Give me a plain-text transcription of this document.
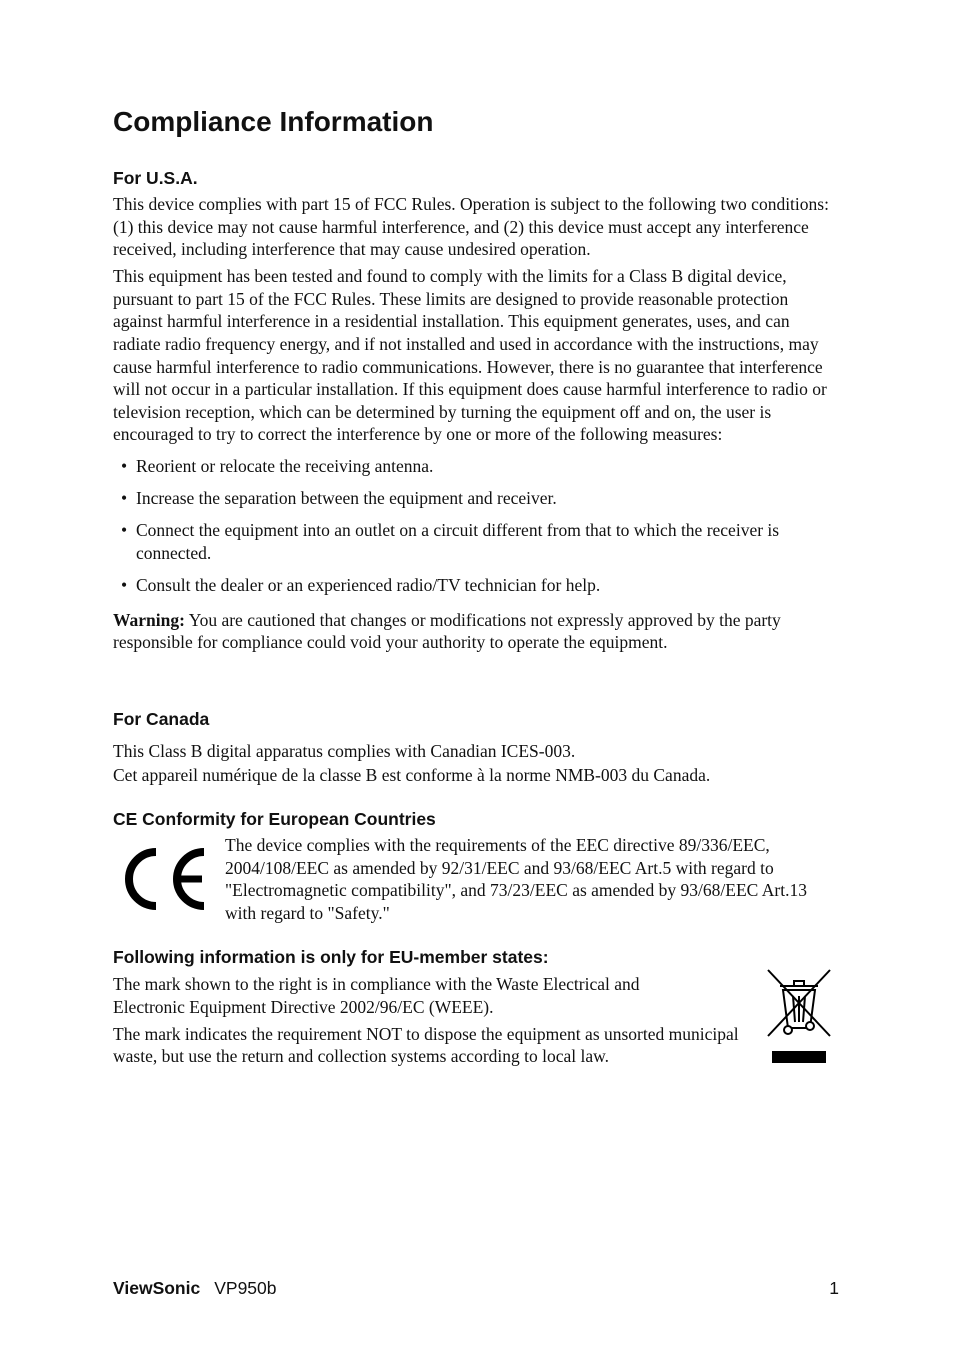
Compliance Information
For U.S.A.

This device complies with part 15 of FCC Rules. Operation is subject to the following two conditions: (1) this device may not cause harmful interference, and (2) this device must accept any interference received, including interference that may cause undesired operation.

This equipment has been tested and found to comply with the limits for a Class B digital device, pursuant to part 15 of the FCC Rules. These limits are designed to provide reasonable protection against harmful interference in a residential installation. This equipment generates, uses, and can radiate radio frequency energy, and if not installed and used in accordance with the instructions, may cause harmful interference to radio communications. However, there is no guarantee that interference will not occur in a particular installation. If this equipment does cause harmful interference to radio or television reception, which can be determined by turning the equipment off and on, the user is encouraged to try to correct the interference by one or more of the following measures:

• Reorient or relocate the receiving antenna.
• Increase the separation between the equipment and receiver.
• Connect the equipment into an outlet on a circuit different from that to which the receiver is connected.
• Consult the dealer or an experienced radio/TV technician for help.

Warning: You are cautioned that changes or modifications not expressly approved by the party responsible for compliance could void your authority to operate the equipment.

For Canada

This Class B digital apparatus complies with Canadian ICES-003.

Cet appareil numérique de la classe B est conforme à la norme NMB-003 du Canada.

CE Conformity for European Countries

The device complies with the requirements of the EEC directive 89/336/EEC, 2004/108/EEC as amended by 92/31/EEC and 93/68/EEC Art.5 with regard to "Electromagnetic compatibility", and 73/23/EEC as amended by 93/68/EEC Art.13 with regard to "Safety."

Following information is only for EU-member states:

The mark shown to the right is in compliance with the Waste Electrical and Electronic Equipment Directive 2002/96/EC (WEEE).

The mark indicates the requirement NOT to dispose the equipment as unsorted municipal waste, but use the return and collection systems according to local law.

ViewSonic VP950b	1
